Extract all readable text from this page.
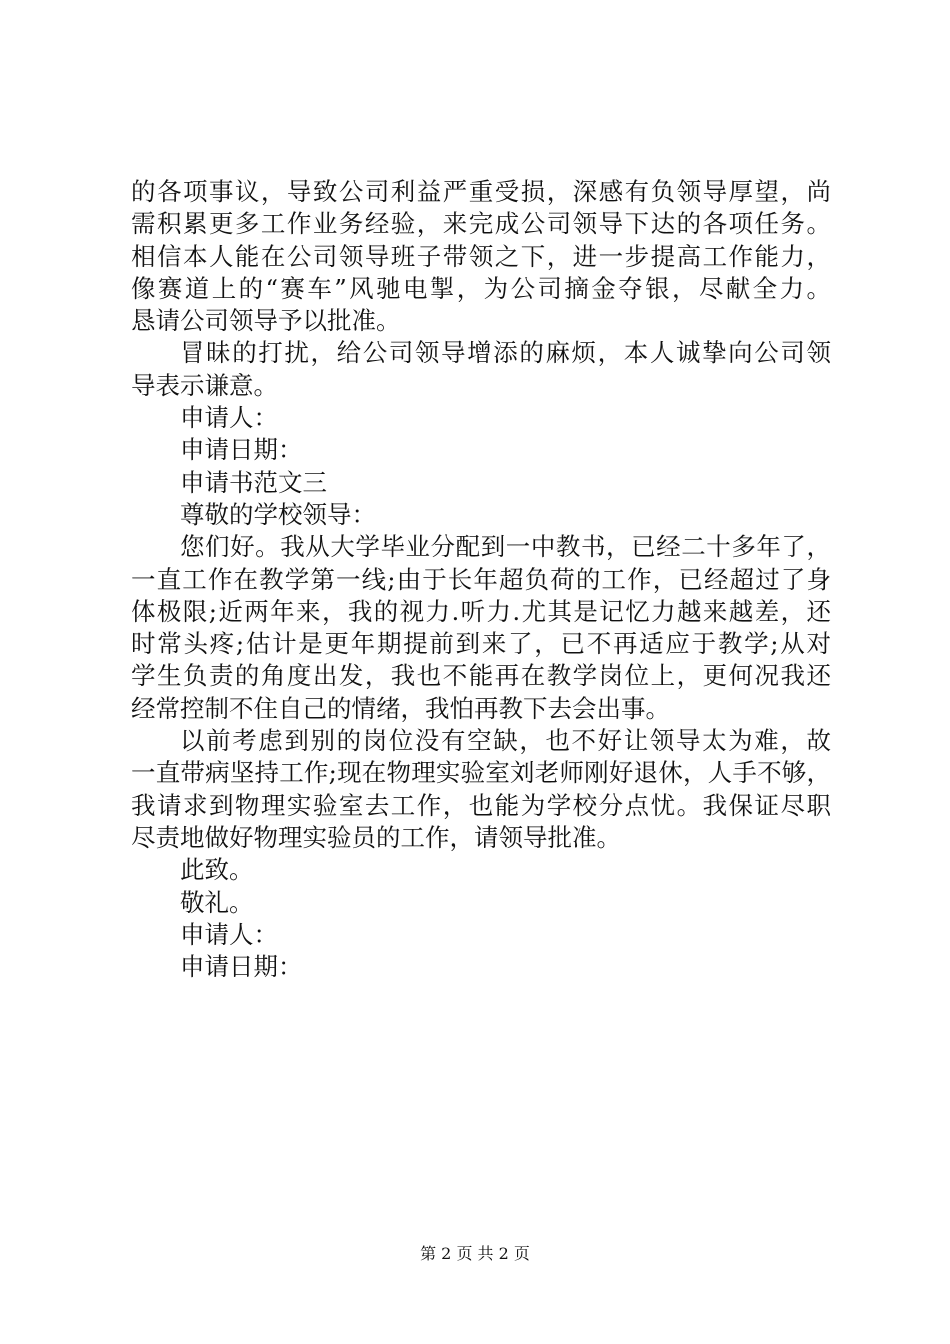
的各项事议，导致公司利益严重受损，深感有负领导厚望，尚
需积累更多工作业务经验，来完成公司领导下达的各项任务。
相信本人能在公司领导班子带领之下，进一步提高工作能力，
像赛道上的“赛车”风驰电掣，为公司摘金夺银，尽献全力。
恳请公司领导予以批准。
冒昧的打扰，给公司领导增添的麻烦，本人诚挚向公司领
导表示谦意。
申请人：
申请日期：
申请书范文三
尊敬的学校领导：
您们好。我从大学毕业分配到一中教书，已经二十多年了，
一直工作在教学第一线;由于长年超负荷的工作，已经超过了身
体极限;近两年来，我的视力.听力.尤其是记忆力越来越差，还
时常头疼;估计是更年期提前到来了，已不再适应于教学;从对
学生负责的角度出发，我也不能再在教学岗位上，更何况我还
经常控制不住自己的情绪，我怕再教下去会出事。
以前考虑到别的岗位没有空缺，也不好让领导太为难，故
一直带病坚持工作;现在物理实验室刘老师刚好退休，人手不够，
我请求到物理实验室去工作，也能为学校分点忧。我保证尽职
尽责地做好物理实验员的工作，请领导批准。
此致。
敬礼。
申请人：
申请日期：
第 2 页 共 2 页
